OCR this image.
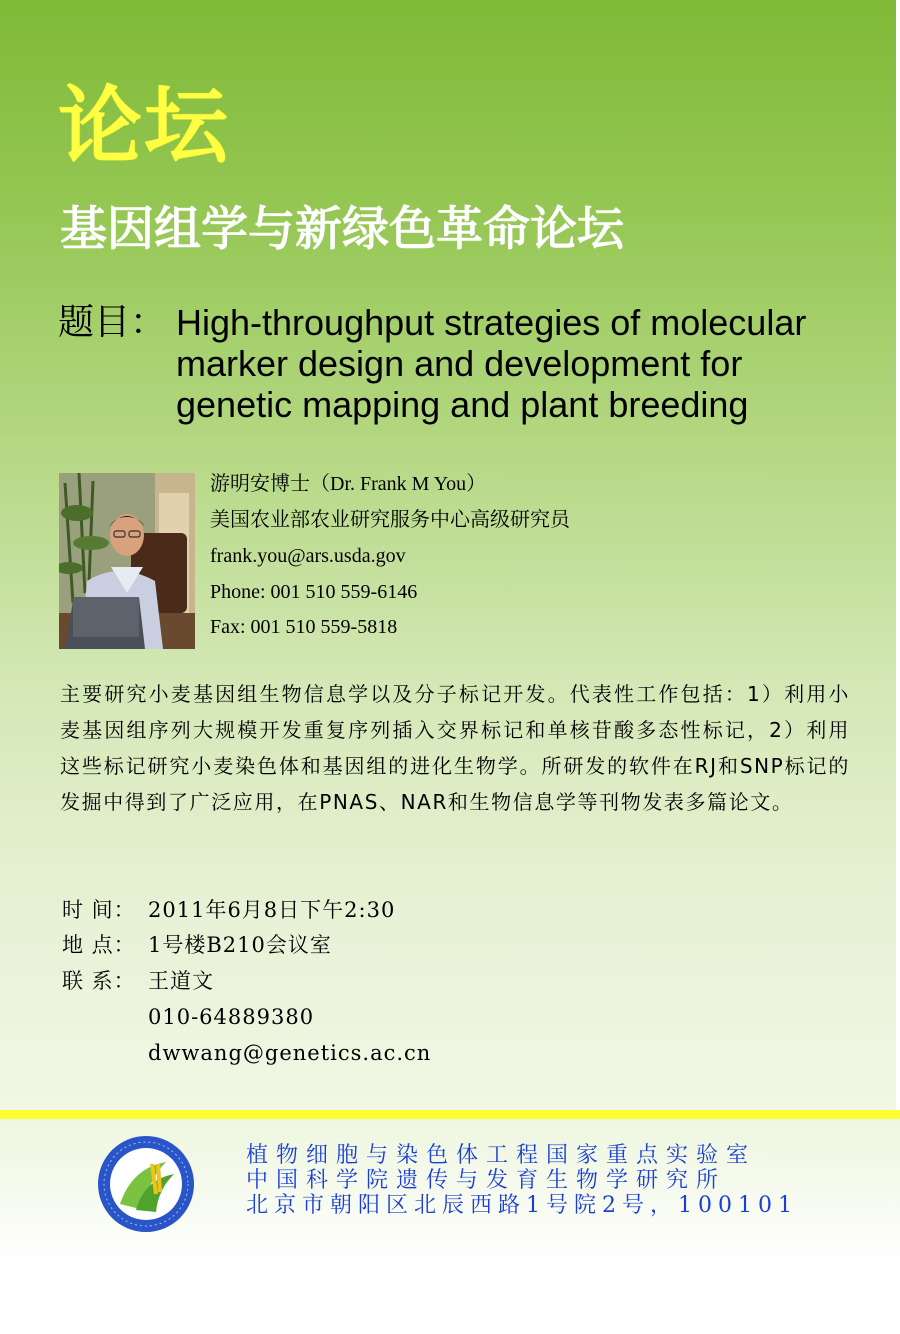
论坛
基因组学与新绿色革命论坛
题目： High-throughput strategies of molecular
marker design and development for
genetic mapping and plant breeding
游明安博士（Dr. Frank M You）
美国农业部农业研究服务中心高级研究员
frank.you@ars.usda.gov
Phone: 001 510 559-6146
Fax: 001 510 559-5818
主要研究小麦基因组生物信息学以及分子标记开发。代表性工作包括：1）利用小麦基因组序列大规模开发重复序列插入交界标记和单核苷酸多态性标记，2）利用这些标记研究小麦染色体和基因组的进化生物学。所研发的软件在RJ和SNP标记的发掘中得到了广泛应用，在PNAS、NAR和生物信息学等刊物发表多篇论文。
时 间： 2011年6月8日下午2:30
地 点： 1号楼B210会议室
联 系： 王道文
010-64889380
dwwang@genetics.ac.cn
植物细胞与染色体工程国家重点实验室
中国科学院遗传与发育生物学研究所
北京市朝阳区北辰西路1号院2号，100101
